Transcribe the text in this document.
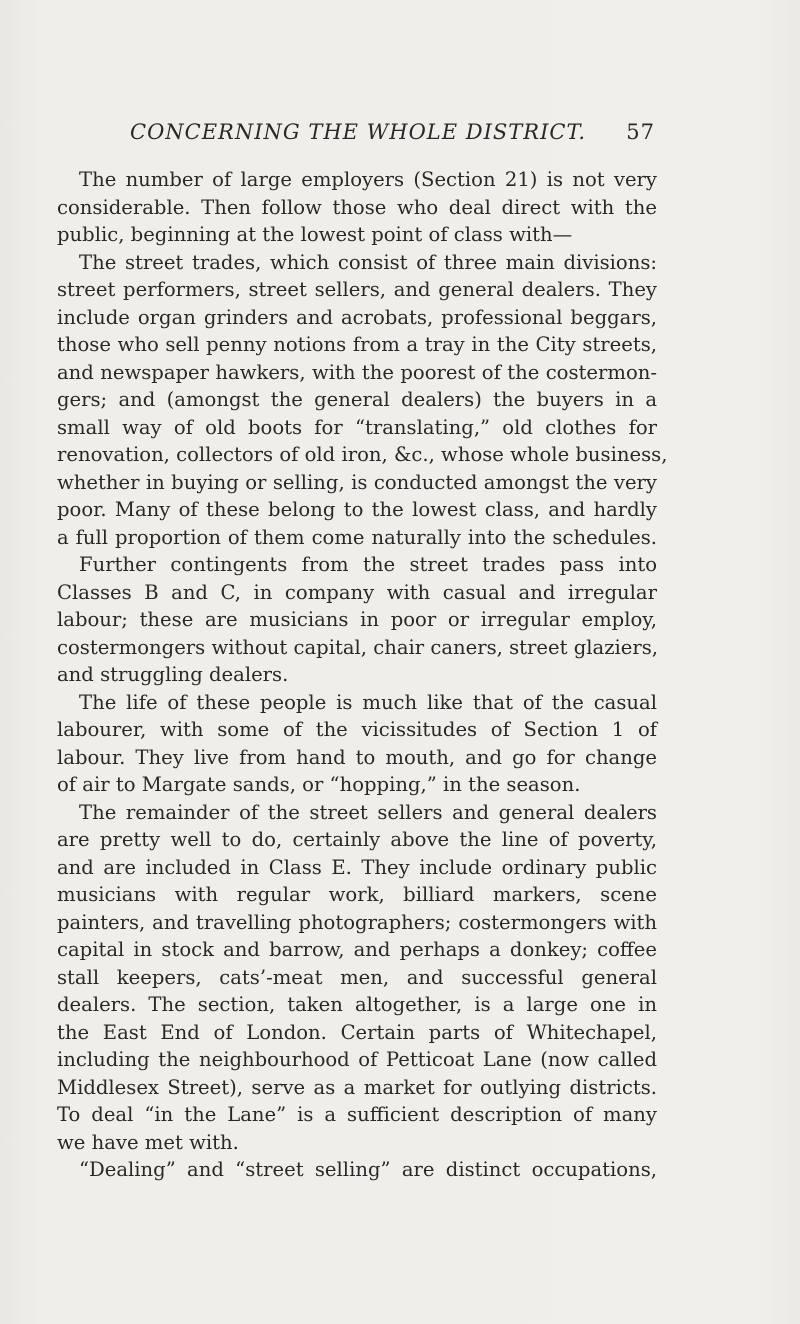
CONCERNING THE WHOLE DISTRICT. 57
The number of large employers (Section 21) is not very
considerable. Then follow those who deal direct with the
public, beginning at the lowest point of class with—
The street trades, which consist of three main divisions:
street performers, street sellers, and general dealers. They
include organ grinders and acrobats, professional beggars,
those who sell penny notions from a tray in the City streets,
and newspaper hawkers, with the poorest of the costermon-
gers; and (amongst the general dealers) the buyers in a
small way of old boots for “translating,” old clothes for
renovation, collectors of old iron, &c., whose whole business,
whether in buying or selling, is conducted amongst the very
poor. Many of these belong to the lowest class, and hardly
a full proportion of them come naturally into the schedules.
Further contingents from the street trades pass into
Classes B and C, in company with casual and irregular
labour; these are musicians in poor or irregular employ,
costermongers without capital, chair caners, street glaziers,
and struggling dealers.
The life of these people is much like that of the casual
labourer, with some of the vicissitudes of Section 1 of
labour. They live from hand to mouth, and go for change
of air to Margate sands, or “hopping,” in the season.
The remainder of the street sellers and general dealers
are pretty well to do, certainly above the line of poverty,
and are included in Class E. They include ordinary public
musicians with regular work, billiard markers, scene
painters, and travelling photographers; costermongers with
capital in stock and barrow, and perhaps a donkey; coffee
stall keepers, cats’-meat men, and successful general
dealers. The section, taken altogether, is a large one in
the East End of London. Certain parts of Whitechapel,
including the neighbourhood of Petticoat Lane (now called
Middlesex Street), serve as a market for outlying districts.
To deal “in the Lane” is a sufficient description of many
we have met with.
“Dealing” and “street selling” are distinct occupations,
